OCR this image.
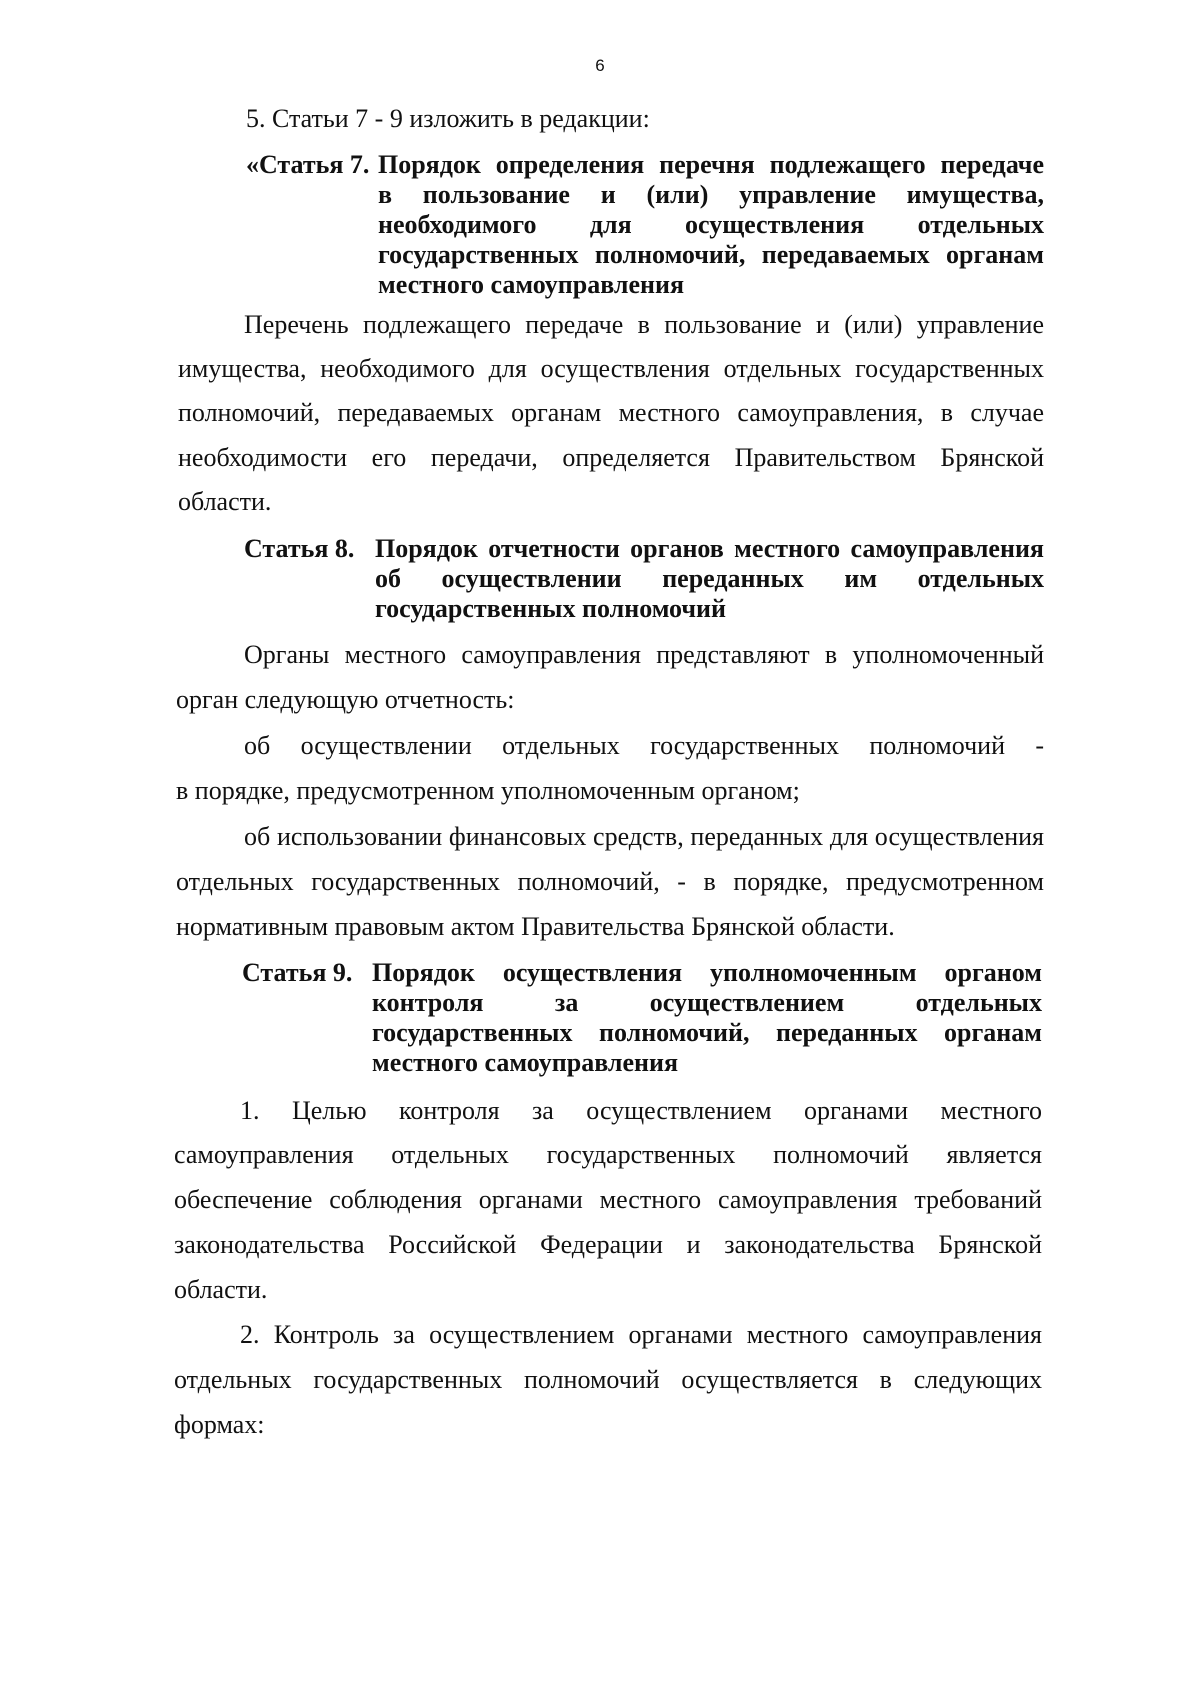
6
5. Статьи 7 - 9 изложить в редакции:
«Статья 7. Порядок определения перечня подлежащего передаче
в пользование и (или) управление имущества,
необходимого для осуществления отдельных
государственных полномочий, передаваемых органам
местного самоуправления
Перечень подлежащего передаче в пользование и (или) управление
имущества, необходимого для осуществления отдельных государственных
полномочий, передаваемых органам местного самоуправления, в случае
необходимости его передачи, определяется Правительством Брянской
области.
Статья 8. Порядок отчетности органов местного самоуправления
об осуществлении переданных им отдельных
государственных полномочий
Органы местного самоуправления представляют в уполномоченный
орган следующую отчетность:
об осуществлении отдельных государственных полномочий -
в порядке, предусмотренном уполномоченным органом;
об использовании финансовых средств, переданных для осуществления
отдельных государственных полномочий, - в порядке, предусмотренном
нормативным правовым актом Правительства Брянской области.
Статья 9. Порядок осуществления уполномоченным органом
контроля за осуществлением отдельных
государственных полномочий, переданных органам
местного самоуправления
1. Целью контроля за осуществлением органами местного
самоуправления отдельных государственных полномочий является
обеспечение соблюдения органами местного самоуправления требований
законодательства Российской Федерации и законодательства Брянской
области.
2. Контроль за осуществлением органами местного самоуправления
отдельных государственных полномочий осуществляется в следующих
формах:
